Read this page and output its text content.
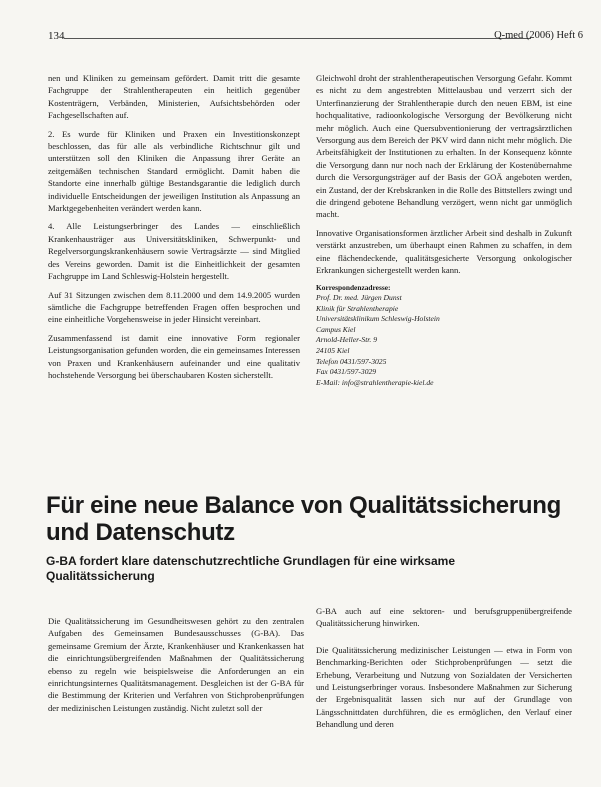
134	Q-med (2006) Heft 6

nen und Kliniken zu gemeinsam gefördert. Damit tritt die gesamte Fachgruppe der Strahlentherapeuten ein heitlich gegenüber Kostenträgern, Verbänden, Ministerien, Aufsichtsbehörden oder Fachgesellschaften auf.

2. Es wurde für Kliniken und Praxen ein Investitionskonzept beschlossen, das für alle als verbindliche Richtschnur gilt und unterstützen soll den Kliniken die Anpassung ihrer Geräte an zeitgemäßen technischen Standard ermöglicht. Damit haben die Standorte eine innerhalb gültige Bestandsgarantie die lediglich durch individuelle Entscheidungen der jeweiligen Institution als Anpassung an Marktgegebenheiten verändert werden kann.

4. Alle Leistungserbringer des Landes — einschließlich Krankenhausträger aus Universitätskliniken, Schwerpunkt- und Regelversorgungskrankenhäusern sowie Vertragsärzte — sind Mitglied des Vereins geworden. Damit ist die Einheitlichkeit der gesamten Fachgruppe im Land Schleswig-Holstein hergestellt.

Auf 31 Sitzungen zwischen dem 8.11.2000 und dem 14.9.2005 wurden sämtliche die Fachgruppe betreffenden Fragen offen besprochen und eine einheitliche Vorgehensweise in jeder Hinsicht vereinbart.

Zusammenfassend ist damit eine innovative Form regionaler Leistungsorganisation gefunden worden, die ein gemeinsames Interessen von Praxen und Krankenhäusern aufeinander und eine qualitativ hochstehende Versorgung bei überschaubaren Kosten sicherstellt.

Gleichwohl droht der strahlentherapeutischen Versorgung Gefahr. Kommt es nicht zu dem angestrebten Mittelausbau und verzerrt sich der Unterfinanzierung der Strahlentherapie durch den neuen EBM, ist eine hochqualitative, radioonkologische Versorgung der Bevölkerung nicht mehr möglich. Auch eine Quersubventionierung der vertragsärztlichen Versorgung aus dem Bereich der PKV wird dann nicht mehr möglich. Die Arbeitsfähigkeit der Institutionen zu erhalten. In der Konsequenz könnte die Versorgung dann nur noch nach der Erklärung der Kostenübernahme durch die Versorgungsträger auf der Basis der GOÄ angeboten werden, ein Zustand, der der Krebskranken in die Rolle des Bittstellers zwingt und die dringend gebotene Behandlung verzögert, wenn nicht gar unmöglich macht.

Innovative Organisationsformen ärztlicher Arbeit sind deshalb in Zukunft verstärkt anzustreben, um überhaupt einen Rahmen zu schaffen, in dem eine flächendeckende, qualitätsgesicherte Versorgung onkologischer Erkrankungen sichergestellt werden kann.

Korrespondenzadresse:
Prof. Dr. med. Jürgen Dunst
Klinik für Strahlentherapie
Universitätsklinikum Schleswig-Holstein
Campus Kiel
Arnold-Heller-Str. 9
24105 Kiel
Telefon 0431/597-3025
Fax 0431/597-3029
E-Mail: info@strahlentherapie-kiel.de
Für eine neue Balance von Qualitätssicherung und Datenschutz
G-BA fordert klare datenschutzrechtliche Grundlagen für eine wirksame Qualitätssicherung

Die Qualitätssicherung im Gesundheitswesen gehört zu den zentralen Aufgaben des Gemeinsamen Bundesausschusses (G-BA). Das gemeinsame Gremium der Ärzte, Krankenhäuser und Krankenkassen hat die einrichtungsübergreifenden Maßnahmen der Qualitätssicherung ebenso zu regeln wie beispielsweise die Anforderungen an ein einrichtungsinternes Qualitätsmanagement. Desgleichen ist der G-BA für die Bestimmung der Kriterien und Verfahren von Stichprobenprüfungen der medizinischen Leistungen zuständig. Nicht zuletzt soll der

G-BA auch auf eine sektoren- und berufsgruppenübergreifende Qualitätssicherung hinwirken.

Die Qualitätssicherung medizinischer Leistungen — etwa in Form von Benchmarking-Berichten oder Stichprobenprüfungen — setzt die Erhebung, Verarbeitung und Nutzung von Sozialdaten der Versicherten und Leistungserbringer voraus. Insbesondere Maßnahmen zur Sicherung der Ergebnisqualität lassen sich nur auf der Grundlage von Längsschnittdaten durchführen, die es ermöglichen, den Verlauf einer Behandlung und deren
